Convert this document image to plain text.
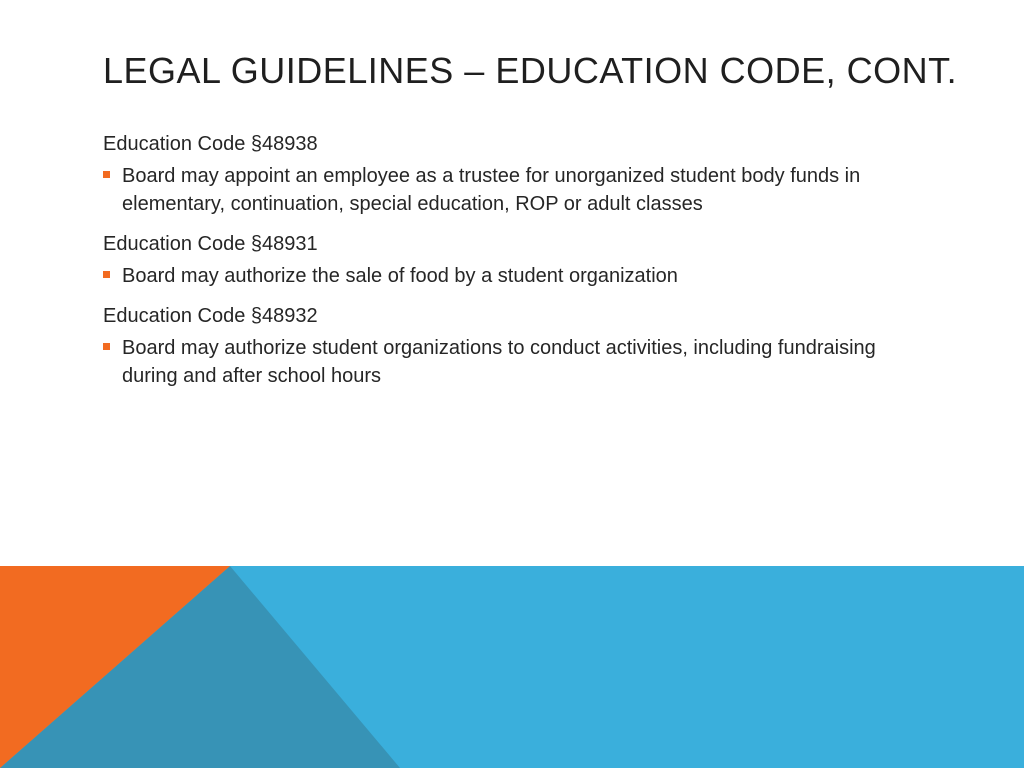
LEGAL GUIDELINES – EDUCATION CODE, CONT.
Education Code §48938
Board may appoint an employee as a trustee for unorganized student body funds in elementary, continuation, special education, ROP or adult classes
Education Code §48931
Board may authorize the sale of food by a student organization
Education Code §48932
Board may authorize student organizations to conduct activities, including fundraising during and after school hours
